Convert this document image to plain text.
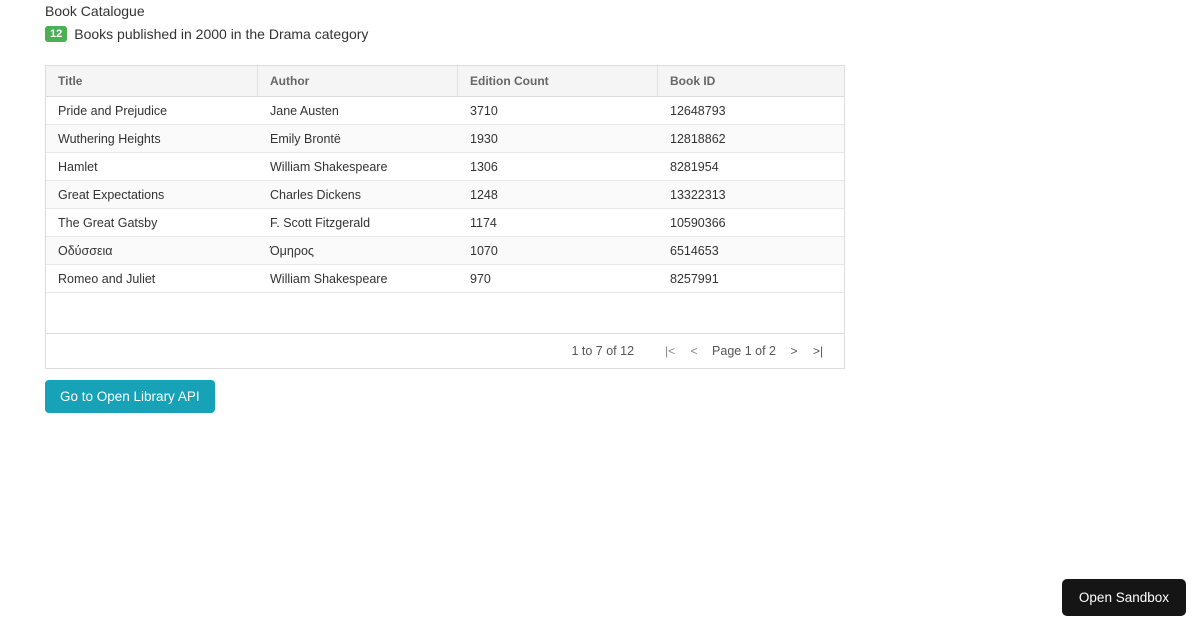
Book Catalogue
12 Books published in 2000 in the Drama category
Title	Author	Edition Count	Book ID
Pride and Prejudice	Jane Austen	3710	12648793
Wuthering Heights	Emily Brontë	1930	12818862
Hamlet	William Shakespeare	1306	8281954
Great Expectations	Charles Dickens	1248	13322313
The Great Gatsby	F. Scott Fitzgerald	1174	10590366
Οδύσσεια	Όμηρος	1070	6514653
Romeo and Juliet	William Shakespeare	970	8257991
1 to 7 of 12	|<	<	Page 1 of 2	>	>|
Go to Open Library API
Open Sandbox
